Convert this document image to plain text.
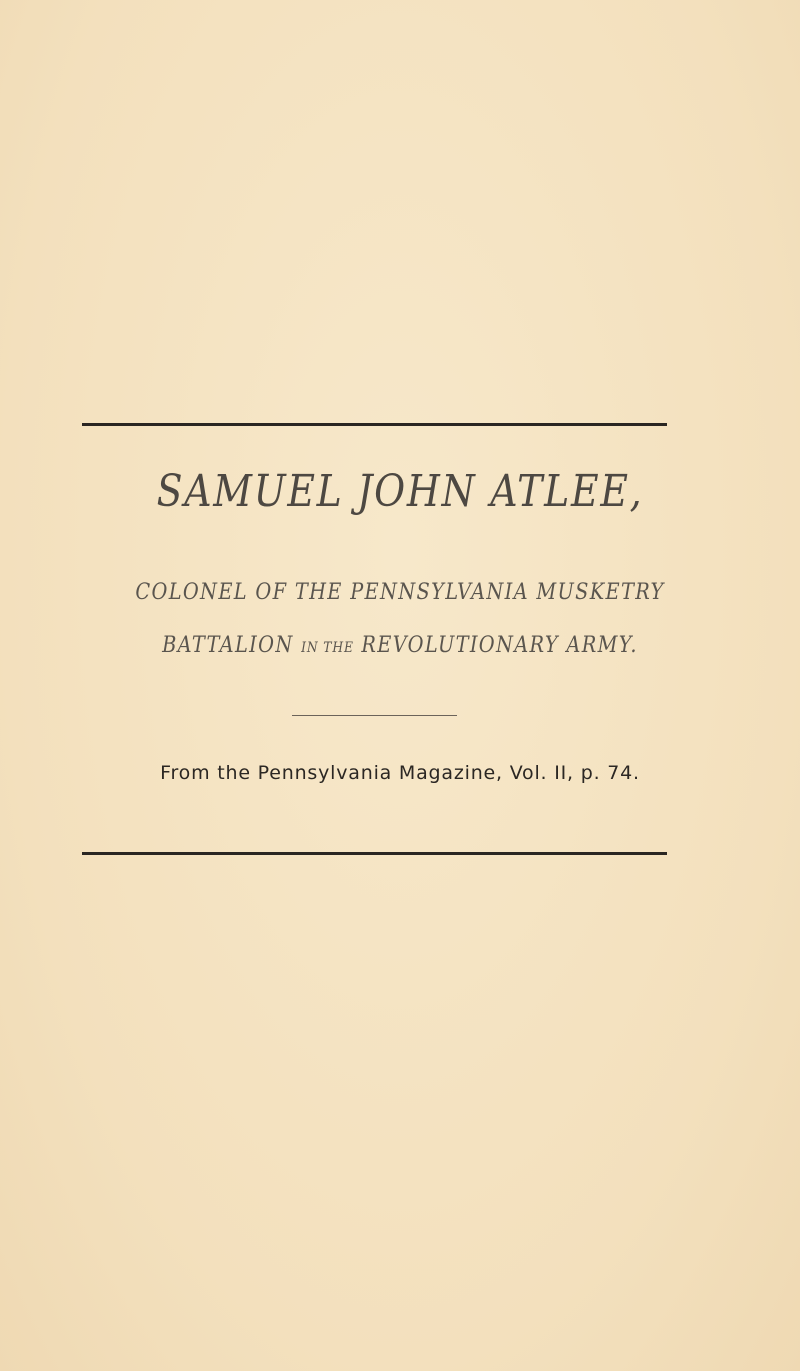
SAMUEL JOHN ATLEE,
COLONEL OF THE PENNSYLVANIA MUSKETRY
BATTALION IN THE REVOLUTIONARY ARMY.
From the Pennsylvania Magazine, Vol. II, p. 74.
